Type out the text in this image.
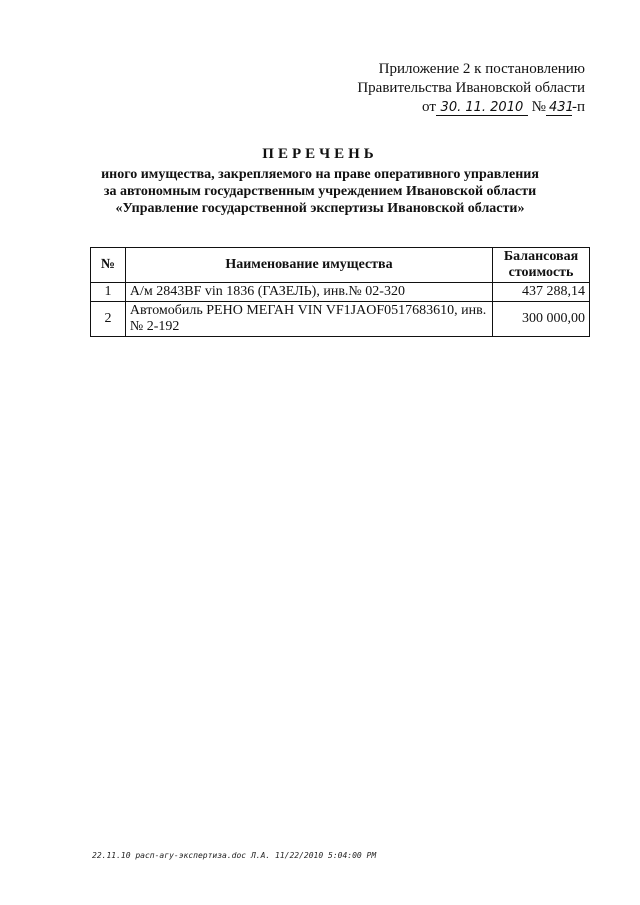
Приложение 2 к постановлению
Правительства Ивановской области
от 30. 11. 2010 № 431-п
ПЕРЕЧЕНЬ
иного имущества, закрепляемого на праве оперативного управления
за автономным государственным учреждением Ивановской области
«Управление государственной экспертизы Ивановской области»
№	Наименование имущества	Балансовая стоимость
1	А/м 2843BF vin 1836 (ГАЗЕЛЬ), инв.№ 02-320	437 288,14
2	Автомобиль РЕНО МЕГАН VIN VF1JAOF0517683610, инв.№ 2-192	300 000,00
22.11.10 расп-агу-экспертиза.doc Л.А. 11/22/2010 5:04:00 PM
